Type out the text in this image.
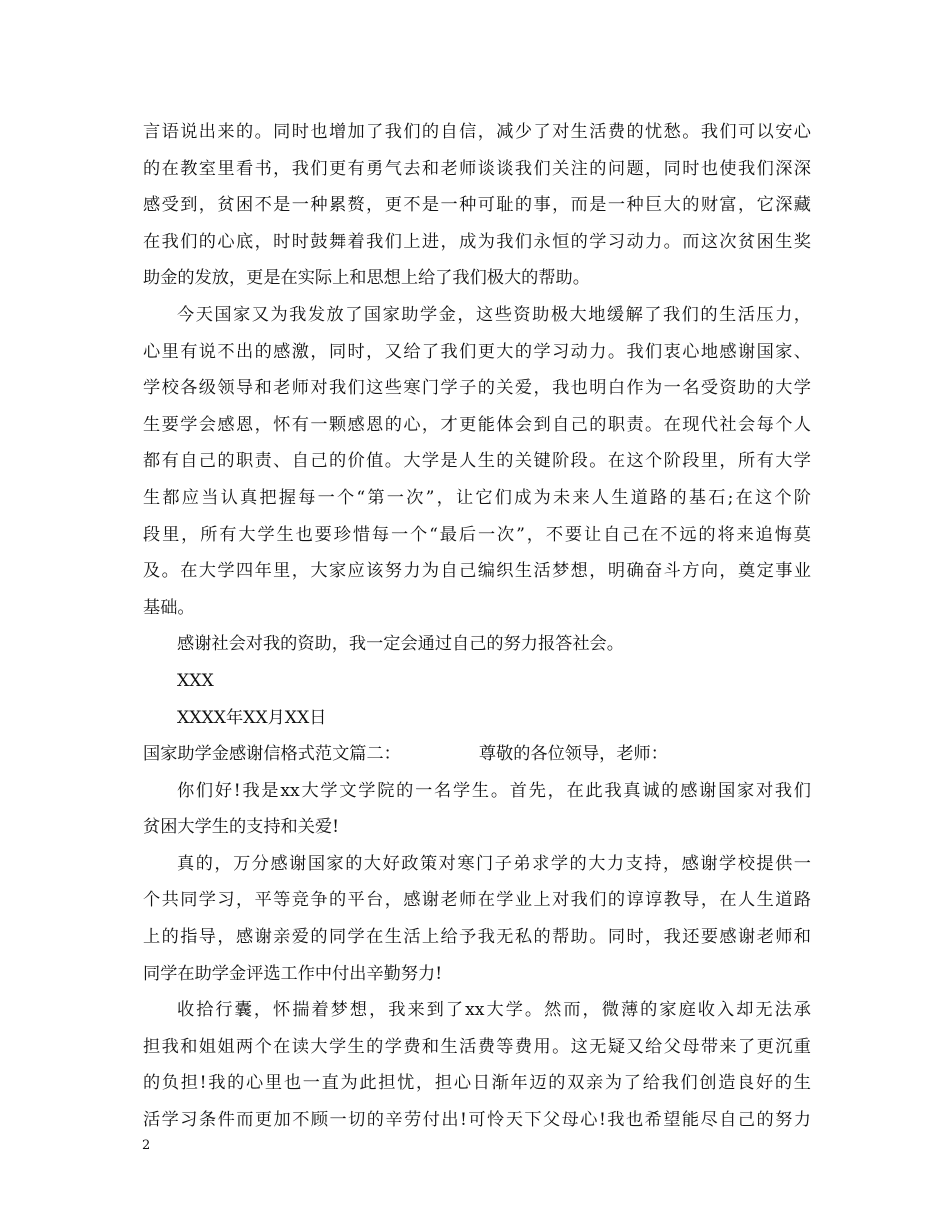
言语说出来的。同时也增加了我们的自信，减少了对生活费的忧愁。我们可以安心
的在教室里看书，我们更有勇气去和老师谈谈我们关注的问题，同时也使我们深深
感受到，贫困不是一种累赘，更不是一种可耻的事，而是一种巨大的财富，它深藏
在我们的心底，时时鼓舞着我们上进，成为我们永恒的学习动力。而这次贫困生奖
助金的发放，更是在实际上和思想上给了我们极大的帮助。
今天国家又为我发放了国家助学金，这些资助极大地缓解了我们的生活压力，
心里有说不出的感激，同时，又给了我们更大的学习动力。我们衷心地感谢国家、
学校各级领导和老师对我们这些寒门学子的关爱，我也明白作为一名受资助的大学
生要学会感恩，怀有一颗感恩的心，才更能体会到自己的职责。在现代社会每个人
都有自己的职责、自己的价值。大学是人生的关键阶段。在这个阶段里，所有大学
生都应当认真把握每一个“第一次”，让它们成为未来人生道路的基石;在这个阶
段里，所有大学生也要珍惜每一个“最后一次”，不要让自己在不远的将来追悔莫
及。在大学四年里，大家应该努力为自己编织生活梦想，明确奋斗方向，奠定事业
基础。
感谢社会对我的资助，我一定会通过自己的努力报答社会。
XXX
XXXX年XX月XX日
国家助学金感谢信格式范文篇二：	尊敬的各位领导，老师：
你们好!我是xx大学文学院的一名学生。首先，在此我真诚的感谢国家对我们
贫困大学生的支持和关爱!
真的，万分感谢国家的大好政策对寒门子弟求学的大力支持，感谢学校提供一
个共同学习，平等竞争的平台，感谢老师在学业上对我们的谆谆教导，在人生道路
上的指导，感谢亲爱的同学在生活上给予我无私的帮助。同时，我还要感谢老师和
同学在助学金评选工作中付出辛勤努力!
收拾行囊，怀揣着梦想，我来到了xx大学。然而，微薄的家庭收入却无法承
担我和姐姐两个在读大学生的学费和生活费等费用。这无疑又给父母带来了更沉重
的负担!我的心里也一直为此担忧，担心日渐年迈的双亲为了给我们创造良好的生
活学习条件而更加不顾一切的辛劳付出!可怜天下父母心!我也希望能尽自己的努力
2
